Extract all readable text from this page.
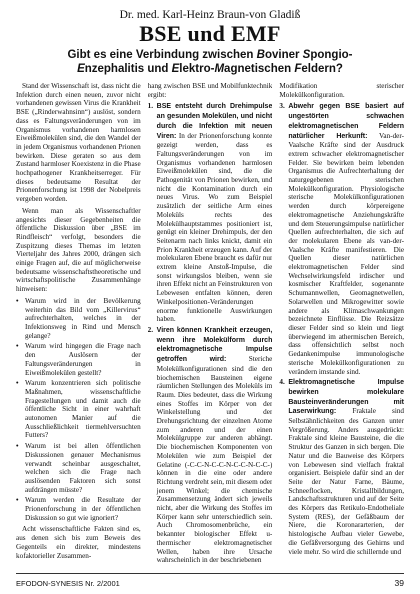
Dr. med. Karl-Heinz Braun-von Gladiß

BSE und EMF

Gibt es eine Verbindung zwischen Boviner Spongio-Enzephalitis und Elektro-Magnetischen Feldern?

Stand der Wissenschaft ist, dass nicht die Infektion durch einen neuen, zuvor nicht vorhandenen gewissen Virus die Krankheit BSE („Rinderwahnsinn“) auslöst, sondern dass es Faltungsveränderungen von im Organismus vorhandenen harmlosen Eiweißmolekülen sind, die den Wandel der in jedem Organismus vorhandenen Prionen bewirken. Diese geraten so aus dem Zustand harmloser Koexistenz in die Phase hochpathogener Krankheitserreger. Für dieses bedeutsame Resultat der Prionenforschung ist 1998 der Nobelpreis vergeben worden.

Wenn man als Wissenschaftler angesichts dieser Gegebenheiten die öffentliche Diskussion über „BSE im Rindfleisch“ verfolgt, besonders die Zuspitzung dieses Themas im letzten Vierteljahr des Jahres 2000, drängen sich einige Fragen auf, die auf möglicherweise bedeutsame wissenschaftstheoretische und wirtschaftspolitische Zusammenhänge hinweisen:

• Warum wird in der Bevölkerung weiterhin das Bild vom „Killervirus“ aufrechterhalten, welches in der Infektionsweg in Rind und Mensch gelange?
• Warum wird hingegen die Frage nach den Auslösern der Faltungsveränderungen in Eiweißmolekülen gestellt?
• Warum konzentrieren sich politische Maßnahmen, wissenschaftliche Fragestellungen und damit auch die öffentliche Sicht in einer wahrhaft autonomen Manier auf die Ausschließlichkeit tiermehlversuchten Futters?
• Warum ist bei allen öffentlichen Diskussionen genauer Mechanismus verwandt scheinbar ausgeschaltet, welchen sich die Frage nach auslösenden Faktoren sich sonst aufdrängen müsste?
• Warum werden die Resultate der Prionenforschung in der öffentlichen Diskussion so gut wie ignoriert?

Acht wissenschaftliche Fakten sind es, aus denen sich bis zum Beweis des Gegenteils ein direkter, mindestens kofaktorieller Zusammen-

hang zwischen BSE und Mobilfunktechnik ergibt:

1. BSE entsteht durch Drehimpulse an gesunden Molekülen, und nicht durch die Infektion mit neuen Viren: In der Prionenforschung konnte gezeigt werden, dass es Faltungsveränderungen von im Organismus vorhandenen harmlosen Eiweißmolekülen sind, die die Pathogenität von Prionen bewirken, und nicht die Kontamination durch ein neues Virus. Wo zum Beispiel zusätzlich der seitliche Arm eines Moleküls rechts des Molekülhauptstammes positioniert ist, genügt ein kleiner Drehimpuls, der den Seitenarm nach links knickt, damit ein Prion Krankheit erzeugen kann. Auf der molekularen Ebene braucht es dafür nur extrem kleine Anstoß-Impulse, die sonst wirkungslos bleiben, wenn sie ihren Effekt nicht an Feinstrukturen von Lebewesen entfalten können, deren Winkelpositionen-Veränderungen enorme funktionelle Auswirkungen haben.
2. Viren können Krankheit erzeugen, wenn ihre Molekülform durch elektromagnetische Impulse getroffen wird: Steriche Molekülkonfigurationen sind die den biochemischen Bausteinen eigene räumlichen Stellungen des Moleküls im Raum. Dies bedeutet, dass die Wirkung eines Stoffes im Körper von der Winkelstellung und der Drehungsrichtung der einzelnen Atome zum anderen und der einen Molekülgruppe zur anderen abhängt. Die biochemischen Komponenten von Molekülen wie zum Beispiel der Gelatine (-C-C-N-C-C-N-C-C-N-C-C-) können in die eine oder andere Richtung verdreht sein, mit diesem oder jenem Winkel; die chemische Zusammensetzung ändert sich jeweils nicht, aber die Wirkung des Stoffes im Körper kann sehr unterschiedlich sein. Auch Chromosomenbrüche, ein bekannter biologischer Effekt u-thermischer elektromagnetischer Wellen, haben ihre Ursache wahrscheinlich in der beschriebenen

Modifikation sterischer Molekülkonfiguration.

3. Abwehr gegen BSE basiert auf ungestörten schwachen elektromagnetischen Feldern natürlicher Herkunft: Van-der-Vaalsche Kräfte sind der Ausdruck extrem schwacher elektromagnetischer Felder. Sie bewirken beim lebenden Organismus die Aufrechterhaltung der naturgegebenen sterischen Molekülkonfiguration. Physiologische sterische Molekülkonfigurationen werden durch körpereigene elektromagnetische Anziehungskräfte und dem Steuerungsimpulse natürlicher Quellen aufrechterhalten, die sich auf der molekularen Ebene als van-der-Vaalsche Kräfte manifestieren. Die Quellen dieser natürlichen elektromagnetischen Felder sind Wechselwirkungsfeld irdischer und kosmischer Kraftfelder, sogenannte Schumannwellen, Geomagnetwellen, Solarwellen und Mikrogewitter sowie andere als Klimaschwankungen bezeichnete Einflüsse. Die Reizsätze dieser Felder sind so klein und liegt überwiegend im athermischen Bereich, dass offensichtlich selbst noch Gedankenimpulse immunologische sterische Molekülkonfigurationen zu verändern imstande sind.
4. Elektromagnetische Impulse bewirken molekulare Bausteinveränderungen mit Laserwirkung: Fraktale sind Selbstähnlichkeiten des Ganzen unter Vergrößerung. Anders ausgedrückt: Fraktale sind kleine Bausteine, die die Struktur des Ganzen in sich bergen. Die Natur und die Bauweise des Körpers von Lebewesen sind vielfach fraktal organisiert. Beispiele dafür sind an der Seite der Natur Farne, Bäume, Schneeflocken, Kristallbildungen, Landschaftsstrukturen und auf der Seite des Körpers das Retikulo-Endotheliale System (RES), der Gefäßbaum der Niere, die Koronararterien, der histologische Aufbau vieler Gewebe, die Gefäßversorgung des Gehirns und viele mehr. So wird die schillernde und
EFODON-SYNESIS Nr. 2/2001	39
